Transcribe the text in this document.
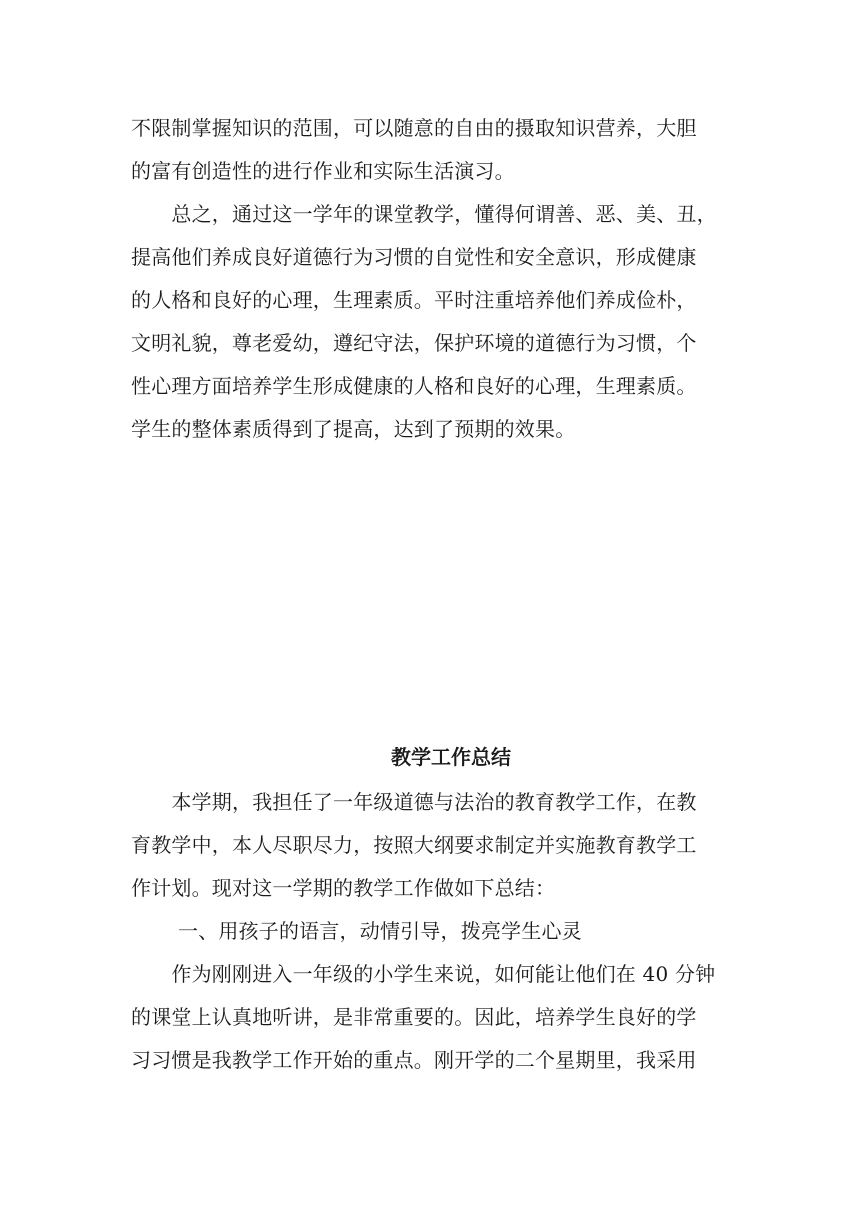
不限制掌握知识的范围，可以随意的自由的摄取知识营养，大胆
的富有创造性的进行作业和实际生活演习。
　　总之，通过这一学年的课堂教学，懂得何谓善、恶、美、丑，
提高他们养成良好道德行为习惯的自觉性和安全意识，形成健康
的人格和良好的心理，生理素质。平时注重培养他们养成俭朴，
文明礼貌，尊老爱幼，遵纪守法，保护环境的道德行为习惯，个
性心理方面培养学生形成健康的人格和良好的心理，生理素质。
学生的整体素质得到了提高，达到了预期的效果。
教学工作总结
　　本学期，我担任了一年级道德与法治的教育教学工作，在教
育教学中，本人尽职尽力，按照大纲要求制定并实施教育教学工
作计划。现对这一学期的教学工作做如下总结：
　　 一、用孩子的语言，动情引导，拨亮学生心灵
　　作为刚刚进入一年级的小学生来说，如何能让他们在 40 分钟
的课堂上认真地听讲，是非常重要的。因此，培养学生良好的学
习习惯是我教学工作开始的重点。刚开学的二个星期里，我采用
